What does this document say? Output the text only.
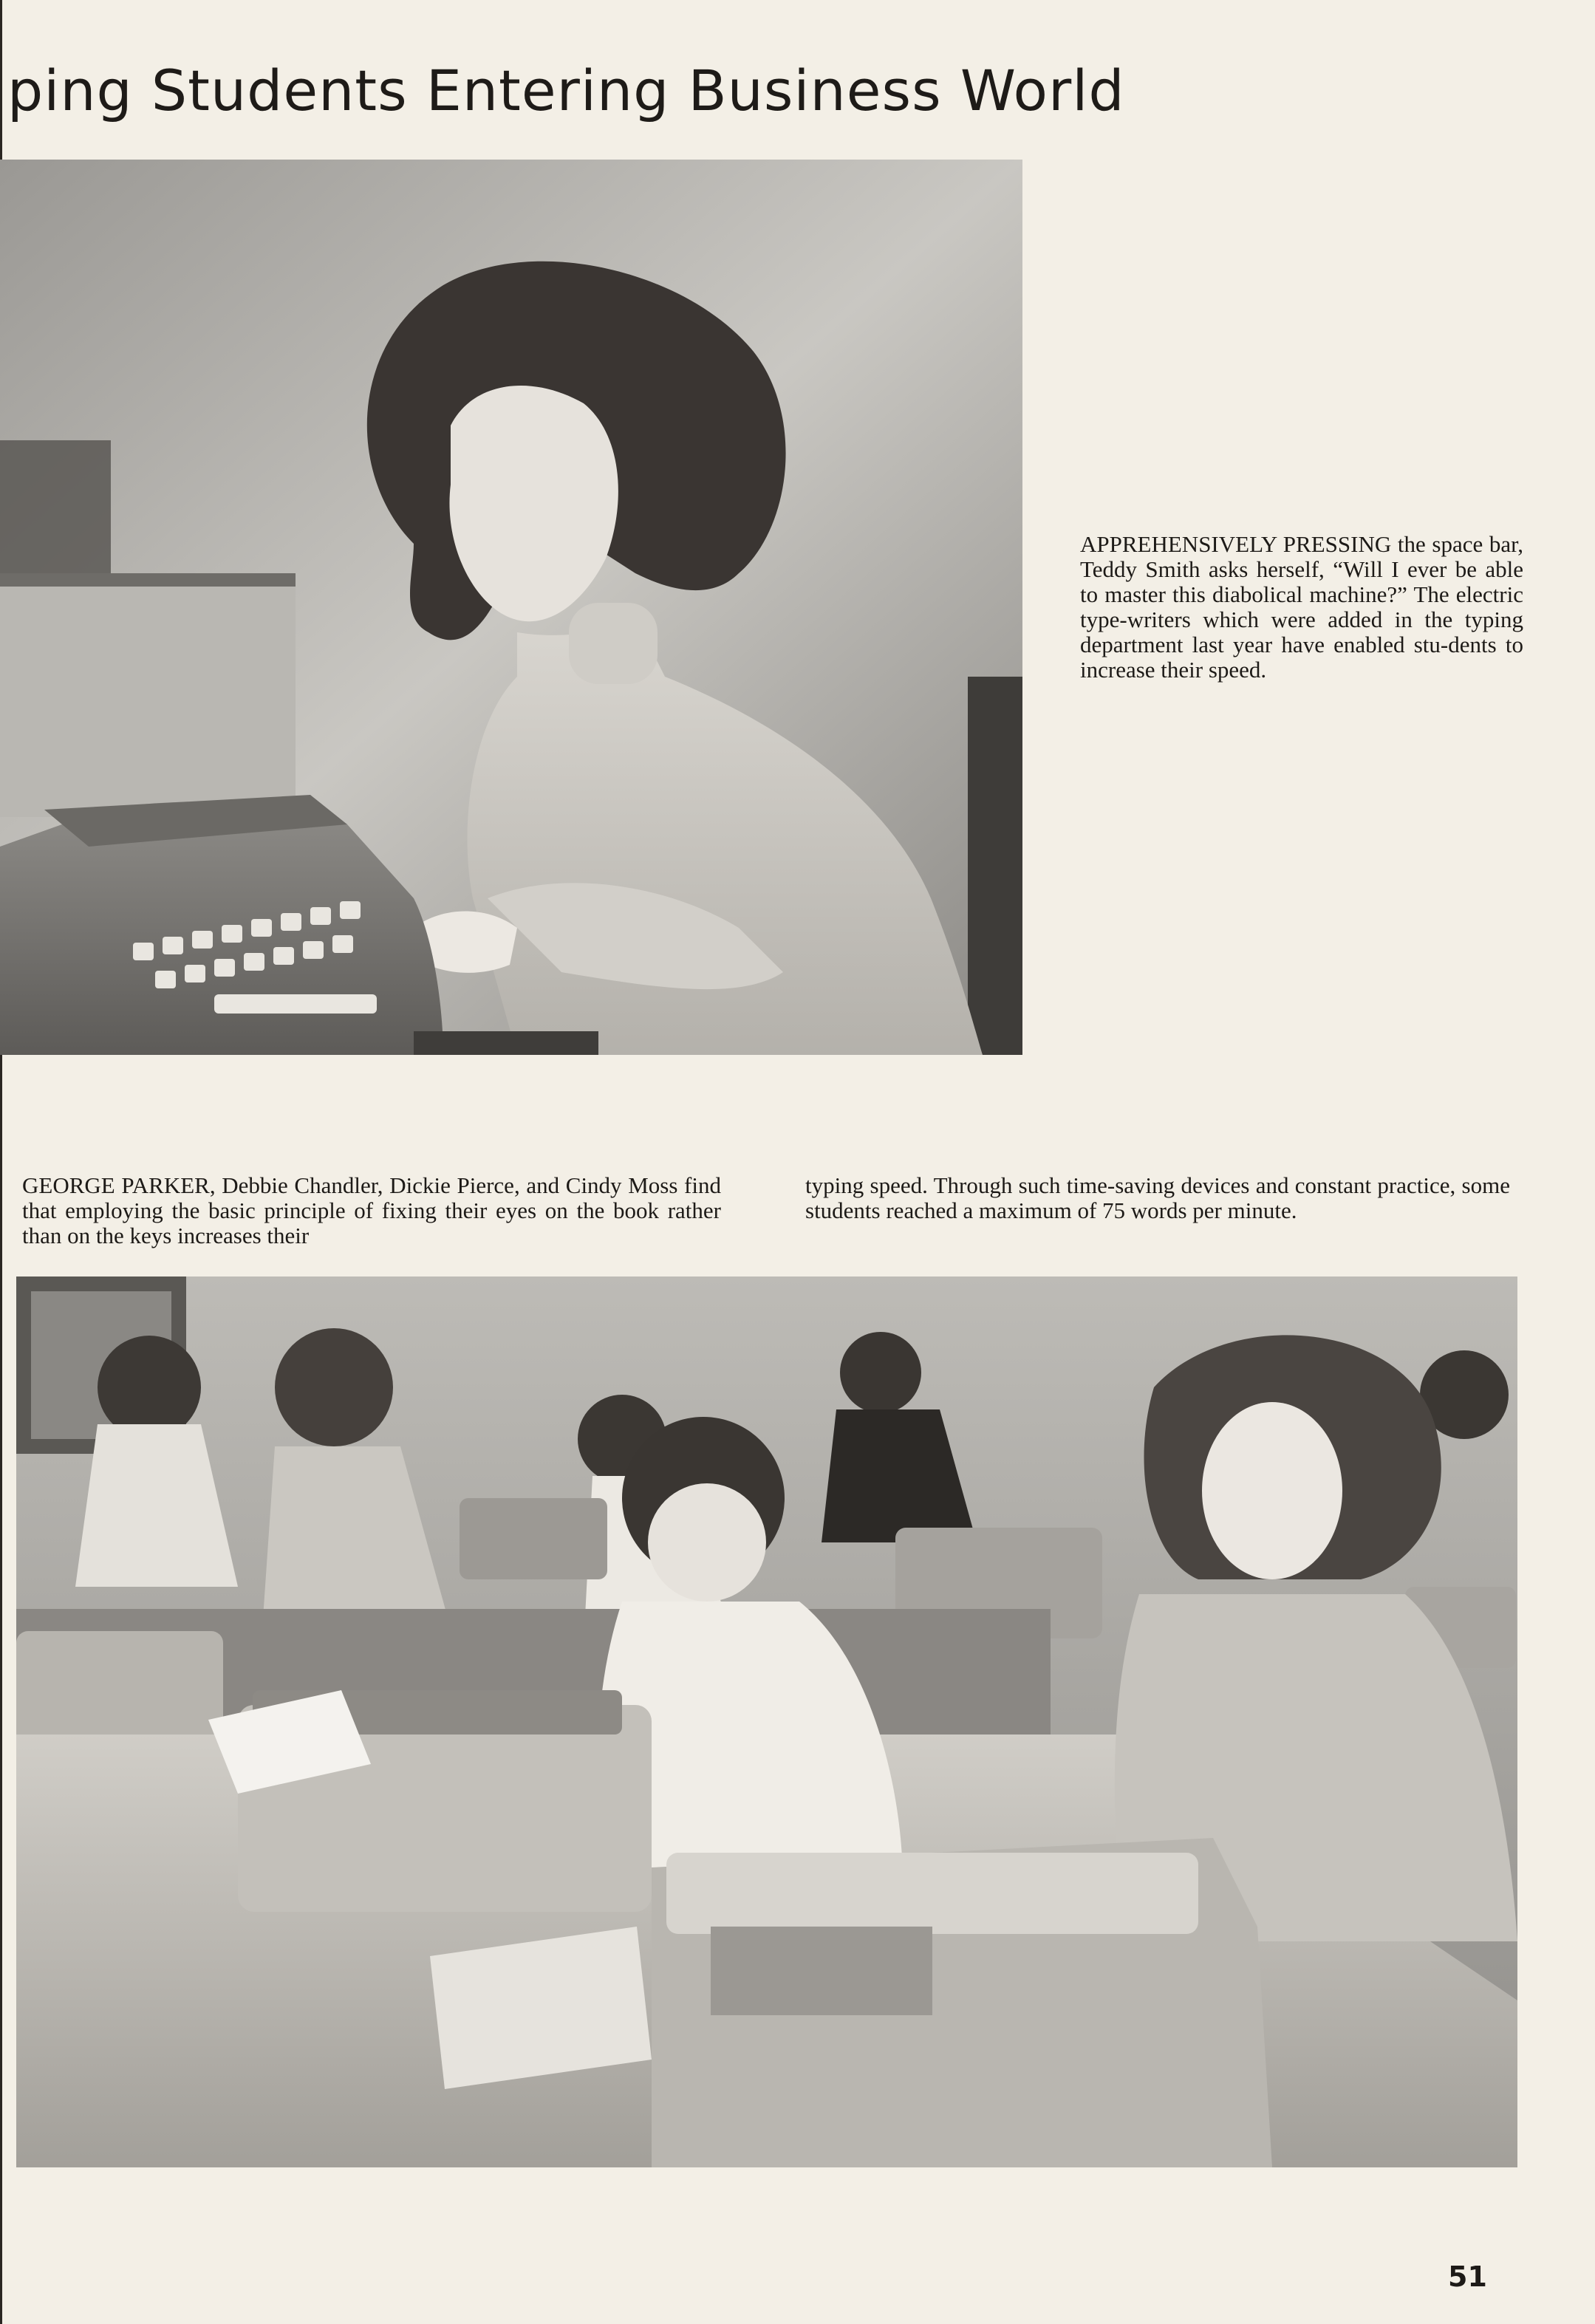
ping Students Entering Business World

APPREHENSIVELY PRESSING the space bar, Teddy Smith asks herself, “Will I ever be able to master this diabolical machine?” The electric type-writers which were added in the typing department last year have enabled stu-dents to increase their speed.

GEORGE PARKER, Debbie Chandler, Dickie Pierce, and Cindy Moss find that employing the basic principle of fixing their eyes on the book rather than on the keys increases their

typing speed. Through such time-saving devices and constant practice, some students reached a maximum of 75 words per minute.

51
